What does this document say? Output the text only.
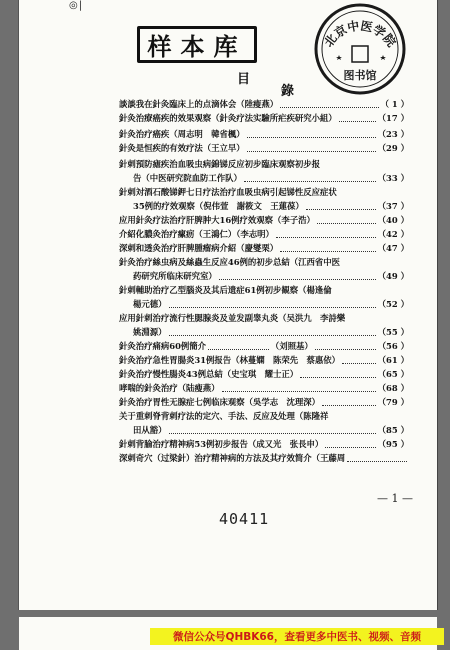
◎ |
样本库	北京中医学院
图书馆
目
錄
談談我在針灸臨床上的点滴体会（陸瘦燕）	（ 1 ）
針灸治療癌疾的效果观察（針灸疗法实驗所疟疾研究小組）	（17 ）
針灸治疗癌疾（周志明　韓省楓）	（23 ）
針灸是恒疾的有效疗法（王立早）	（29 ）
針刺預防瘧疾治血吸虫病錦锑反应初步臨床观察初步报
告（中医研究院血防工作队）	（33 ）
針刺対酒石酸锑鉀七日疗法治疗血吸虫病引起锑性反应症状
35例的疗效观察（倪伟萱　謝筱文　王蓮葆）	（37 ）
应用針灸疗法治疗肝脾肿大16例疗效观察（李子浩）	（40 ）
介紹化膿灸治疗瘰疬（王鴻仁）（李志明）	（42 ）
深刺和透灸治疗肝脾腫瘤病介紹（慶燮栗）	（47 ）
針灸治疗絲虫病及絲蟲生反应46例的初步总結（江西省中医
药研究所临床研究室）	（49 ）
針刺輔助治疗乙型腦炎及其后遗症61例初步観察（楊逢倫
楊元德）	（52 ）
应用針刺治疗流行性腮腺炎及並发副睾丸炎（吴洪九　李詩樂
姚淵源）	（55 ）
針灸治疗痛病60例簡介	（刘照基）	（56 ）
針灸治疗急性胃腸炎31例报告（林蔓嫻　陈荣先　蔡惠依）	（61 ）
針灸治疗慢性腸炎43例总結（史宝琪　耀士正）	（65 ）
哮喘的針灸治疗（陆瘦燕）	（68 ）
針灸治疗胃性无腺症七例临床观察（吳学志　沈理深）	（79 ）
关于重刺脊背刺疗法的定穴、手法、反应及处理（陈隆祥
田从豁）	（85 ）
針刺背腧治疗精神病53例初步报告（成又光　张長申）	（95 ）
深刺奇穴（过梁針）治疗精神病的方法及其疗效简介（王藤周
— 1 —
40411
微信公众号QHBK66，查看更多中医书、视频、音频
